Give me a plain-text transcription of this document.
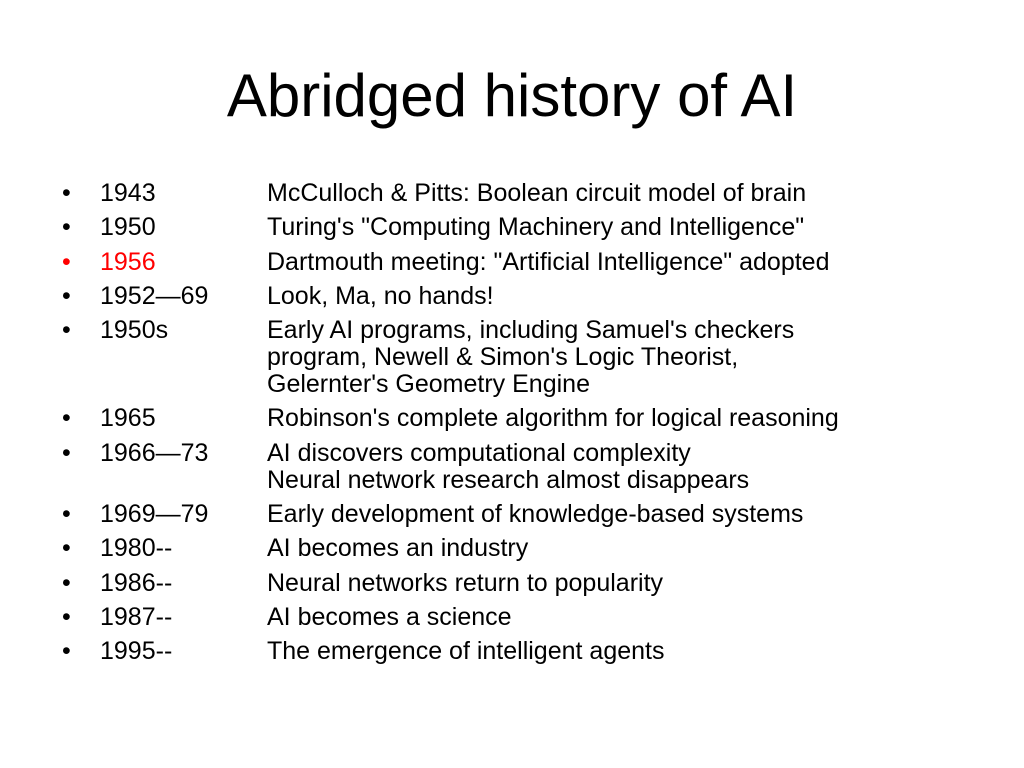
Abridged history of AI
•	1943	McCulloch & Pitts: Boolean circuit model of brain
•	1950	Turing's "Computing Machinery and Intelligence"
•	1956	Dartmouth meeting: "Artificial Intelligence" adopted
•	1952—69	Look, Ma, no hands!
•	1950s	Early AI programs, including Samuel's checkers
program, Newell & Simon's Logic Theorist,
Gelernter's Geometry Engine
•	1965	Robinson's complete algorithm for logical reasoning
•	1966—73	AI discovers computational complexity
Neural network research almost disappears
•	1969—79	Early development of knowledge-based systems
•	1980--	AI becomes an industry
•	1986--	Neural networks return to popularity
•	1987--	AI becomes a science
•	1995--	The emergence of intelligent agents
